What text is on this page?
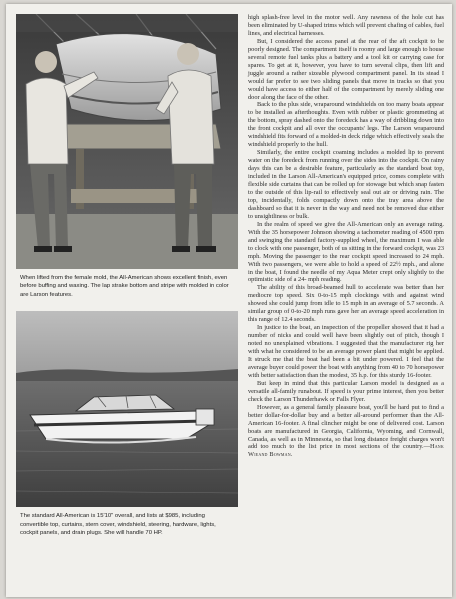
When lifted from the female mold, the All-American shows excellent finish, even before buffing and waxing. The lap strake bottom and stripe with molded in color are Larson features.
The standard All-American is 15'10" overall, and lists at $985, including convertible top, curtains, stern cover, windshield, steering, hardware, lights, cockpit panels, and drain plugs. She will handle 70 HP.

high splash-free level in the motor well. Any rawness of the hole cut has been eliminated by U-shaped trims which will prevent chafing of cables, fuel lines, and electrical harnesses.

But, I considered the access panel at the rear of the aft cockpit to be poorly designed. The compartment itself is roomy and large enough to house several remote fuel tanks plus a battery and a tool kit or carrying case for spares. To get at it, however, you have to turn several clips, then lift and juggle around a rather sizeable plywood compartment panel. In its stead I would far prefer to see two sliding panels that move in tracks so that you would have access to either half of the compartment by merely sliding one door along the face of the other.

Back to the plus side, wraparound windshields on too many boats appear to be installed as afterthoughts. Even with rubber or plastic grommeting at the bottom, spray dashed onto the foredeck has a way of dribbling down into the front cockpit and all over the occupants' legs. The Larson wraparound windshield fits forward of a molded-in deck ridge which effectively seals the windshield properly to the hull.

Similarly, the entire cockpit coaming includes a molded lip to prevent water on the foredeck from running over the sides into the cockpit. On rainy days this can be a desirable feature, particularly as the standard boat top, included in the Larson All-American's equipped price, comes complete with flexible side curtains that can be rolled up for stowage but which snap fasten to the outside of this lip-rail to effectively seal out air or driving rain. The top, incidentally, folds compactly down onto the tray area above the dashboard so that it is never in the way and need not be removed due either to unsightliness or bulk.

In the realm of speed we give the All-American only an average rating. With the 35 horsepower Johnson showing a tachometer reading of 4500 rpm and swinging the standard factory-supplied wheel, the maximum I was able to clock with one passenger, both of us sitting in the forward cockpit, was 23 mph. Moving the passenger to the rear cockpit speed increased to 24 mph. With two passengers, we were able to hold a speed of 22½ mph., and alone in the boat, I found the needle of my Aqua Meter crept only slightly to the optimistic side of a 24- mph reading.

The ability of this broad-beamed hull to accelerate was better than her mediocre top speed. Six 0-to-15 mph clockings with and against wind showed she could jump from idle to 15 mph in an average of 5.7 seconds. A similar group of 0-to-20 mph runs gave her an average speed acceleration in this range of 12.4 seconds.

In justice to the boat, an inspection of the propeller showed that it had a number of nicks and could well have been slightly out of pitch, though I noted no unexplained vibrations. I suggested that the manufacturer rig her with what he considered to be an average power plant that might be applied. It struck me that the boat had been a bit under powered. I feel that the average buyer could power the boat with anything from 40 to 70 horsepower with better satisfaction than the modest, 35 h.p. for this sturdy 16-footer.

But keep in mind that this particular Larson model is designed as a versatile all-family runabout. If speed is your prime interest, then you better check the Larson Thunderhawk or Falls Flyer.

However, as a general family pleasure boat, you'll be hard put to find a better dollar-for-dollar buy and a better all-around performer than the All-American 16-footer. A final clincher might be one of delivered cost. Larson boats are manufactured in Georgia, California, Wyoming, and Cornwall, Canada, as well as in Minnesota, so that long distance freight charges won't add too much to the list price in most sections of the country.—Hank Wieand Bowman.
